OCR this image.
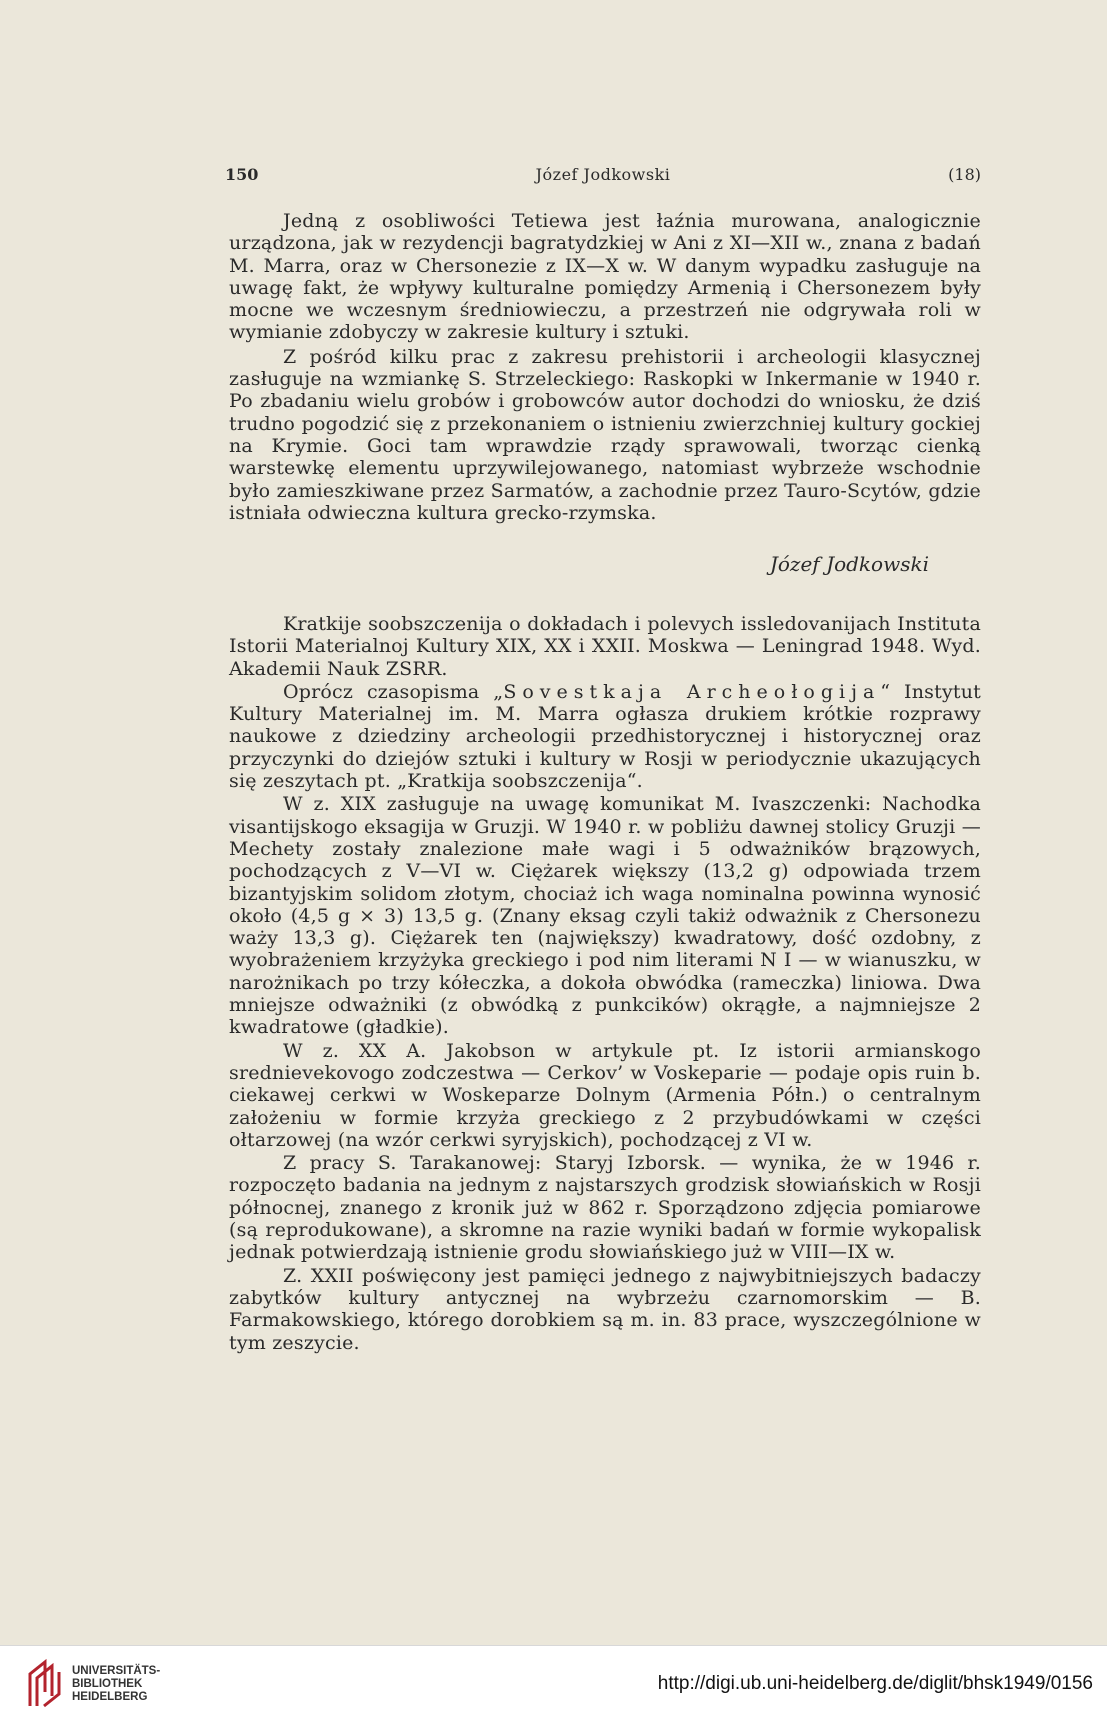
150	Józef Jodkowski	(18)

Jedną z osobliwości Tetiewa jest łaźnia murowana, analogicznie urządzona, jak w rezydencji bagratydzkiej w Ani z XI—XII w., znana z badań M. Marra, oraz w Chersonezie z IX—X w. W danym wypadku zasługuje na uwagę fakt, że wpływy kulturalne pomiędzy Armenią i Chersonezem były mocne we wczesnym średniowieczu, a przestrzeń nie odgrywała roli w wymianie zdobyczy w zakresie kultury i sztuki.

Z pośród kilku prac z zakresu prehistorii i archeologii klasycznej zasługuje na wzmiankę S. Strzeleckiego: Raskopki w Inkermanie w 1940 r. Po zbadaniu wielu grobów i grobowców autor dochodzi do wniosku, że dziś trudno pogodzić się z przekonaniem o istnieniu zwierzchniej kultury gockiej na Krymie. Goci tam wprawdzie rządy sprawowali, tworząc cienką warstewkę elementu uprzywilejowanego, natomiast wybrzeże wschodnie było zamieszkiwane przez Sarmatów, a zachodnie przez Tauro-Scytów, gdzie istniała odwieczna kultura grecko-rzymska.

Józef Jodkowski

Kratkije soobszczenija o dokładach i polevych issledovanijach Instituta Istorii Materialnoj Kultury XIX, XX i XXII. Moskwa — Leningrad 1948. Wyd. Akademii Nauk ZSRR.

Oprócz czasopisma „Sovestkaja Archeołogija“ Instytut Kultury Materialnej im. M. Marra ogłasza drukiem krótkie rozprawy naukowe z dziedziny archeologii przedhistorycznej i historycznej oraz przyczynki do dziejów sztuki i kultury w Rosji w periodycznie ukazujących się zeszytach pt. „Kratkija soobszczenija“.

W z. XIX zasługuje na uwagę komunikat M. Ivaszczenki: Nachodka visantijskogo eksagija w Gruzji. W 1940 r. w pobliżu dawnej stolicy Gruzji — Mechety zostały znalezione małe wagi i 5 odważników brązowych, pochodzących z V—VI w. Ciężarek większy (13,2 g) odpowiada trzem bizantyjskim solidom złotym, chociaż ich waga nominalna powinna wynosić około (4,5 g × 3) 13,5 g. (Znany eksag czyli takiż odważnik z Chersonezu waży 13,3 g). Ciężarek ten (największy) kwadratowy, dość ozdobny, z wyobrażeniem krzyżyka greckiego i pod nim literami N I — w wianuszku, w narożnikach po trzy kółeczka, a dokoła obwódka (rameczka) liniowa. Dwa mniejsze odważniki (z obwódką z punkcików) okrągłe, a najmniejsze 2 kwadratowe (gładkie).

W z. XX A. Jakobson w artykule pt. Iz istorii armianskogo srednievekovogo zodczestwa — Cerkov’ w Voskeparie — podaje opis ruin b. ciekawej cerkwi w Woskeparze Dolnym (Armenia Półn.) o centralnym założeniu w formie krzyża greckiego z 2 przybudówkami w części ołtarzowej (na wzór cerkwi syryjskich), pochodzącej z VI w.

Z pracy S. Tarakanowej: Staryj Izborsk. — wynika, że w 1946 r. rozpoczęto badania na jednym z najstarszych grodzisk słowiańskich w Rosji północnej, znanego z kronik już w 862 r. Sporządzono zdjęcia pomiarowe (są reprodukowane), a skromne na razie wyniki badań w formie wykopalisk jednak potwierdzają istnienie grodu słowiańskiego już w VIII—IX w.

Z. XXII poświęcony jest pamięci jednego z najwybitniejszych badaczy zabytków kultury antycznej na wybrzeżu czarnomorskim — B. Farmakowskiego, którego dorobkiem są m. in. 83 prace, wyszczególnione w tym zeszycie.

UNIVERSITÄTS-
BIBLIOTHEK
HEIDELBERG
http://digi.ub.uni-heidelberg.de/diglit/bhsk1949/0156
